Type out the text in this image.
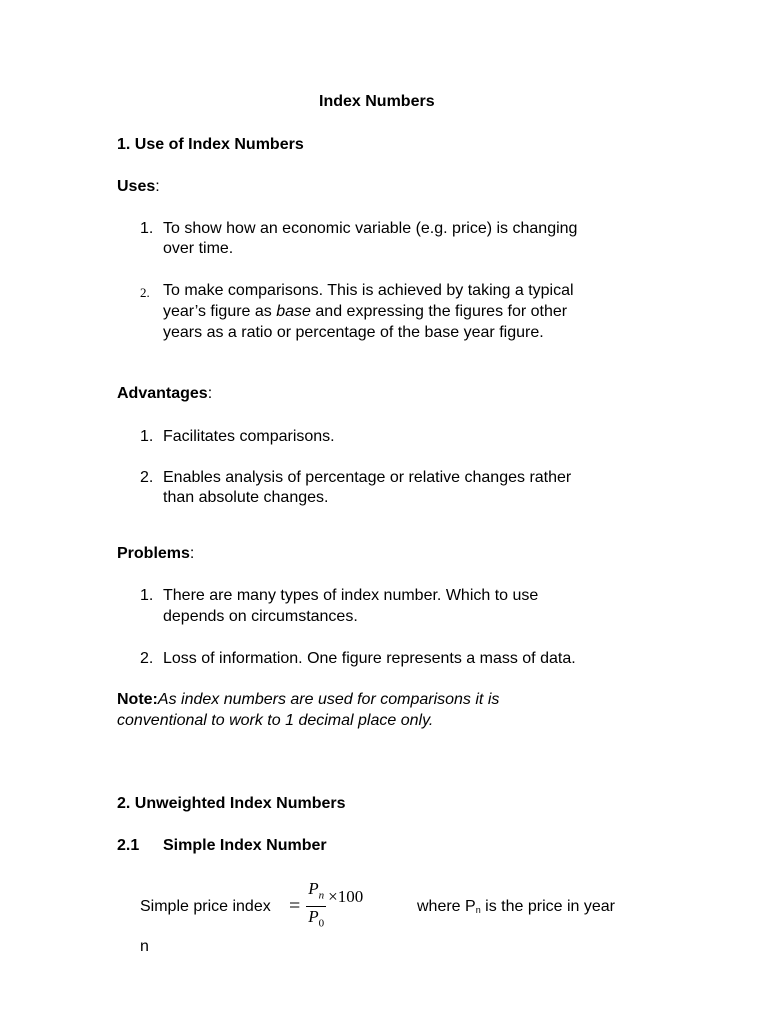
Index Numbers
1. Use of Index Numbers
Uses:
1. To show how an economic variable (e.g. price) is changing
over time.
2. To make comparisons. This is achieved by taking a typical
year’s figure as base and expressing the figures for other
years as a ratio or percentage of the base year figure.
Advantages:
1. Facilitates comparisons.
2. Enables analysis of percentage or relative changes rather
than absolute changes.
Problems:
1. There are many types of index number. Which to use
depends on circumstances.
2. Loss of information. One figure represents a mass of data.
Note:As index numbers are used for comparisons it is
conventional to work to 1 decimal place only.
2. Unweighted Index Numbers
2.1 Simple Index Number
Simple price index = $\frac{P_n}{P_0} \times 100$
where $P_n$ is the price in year
n
